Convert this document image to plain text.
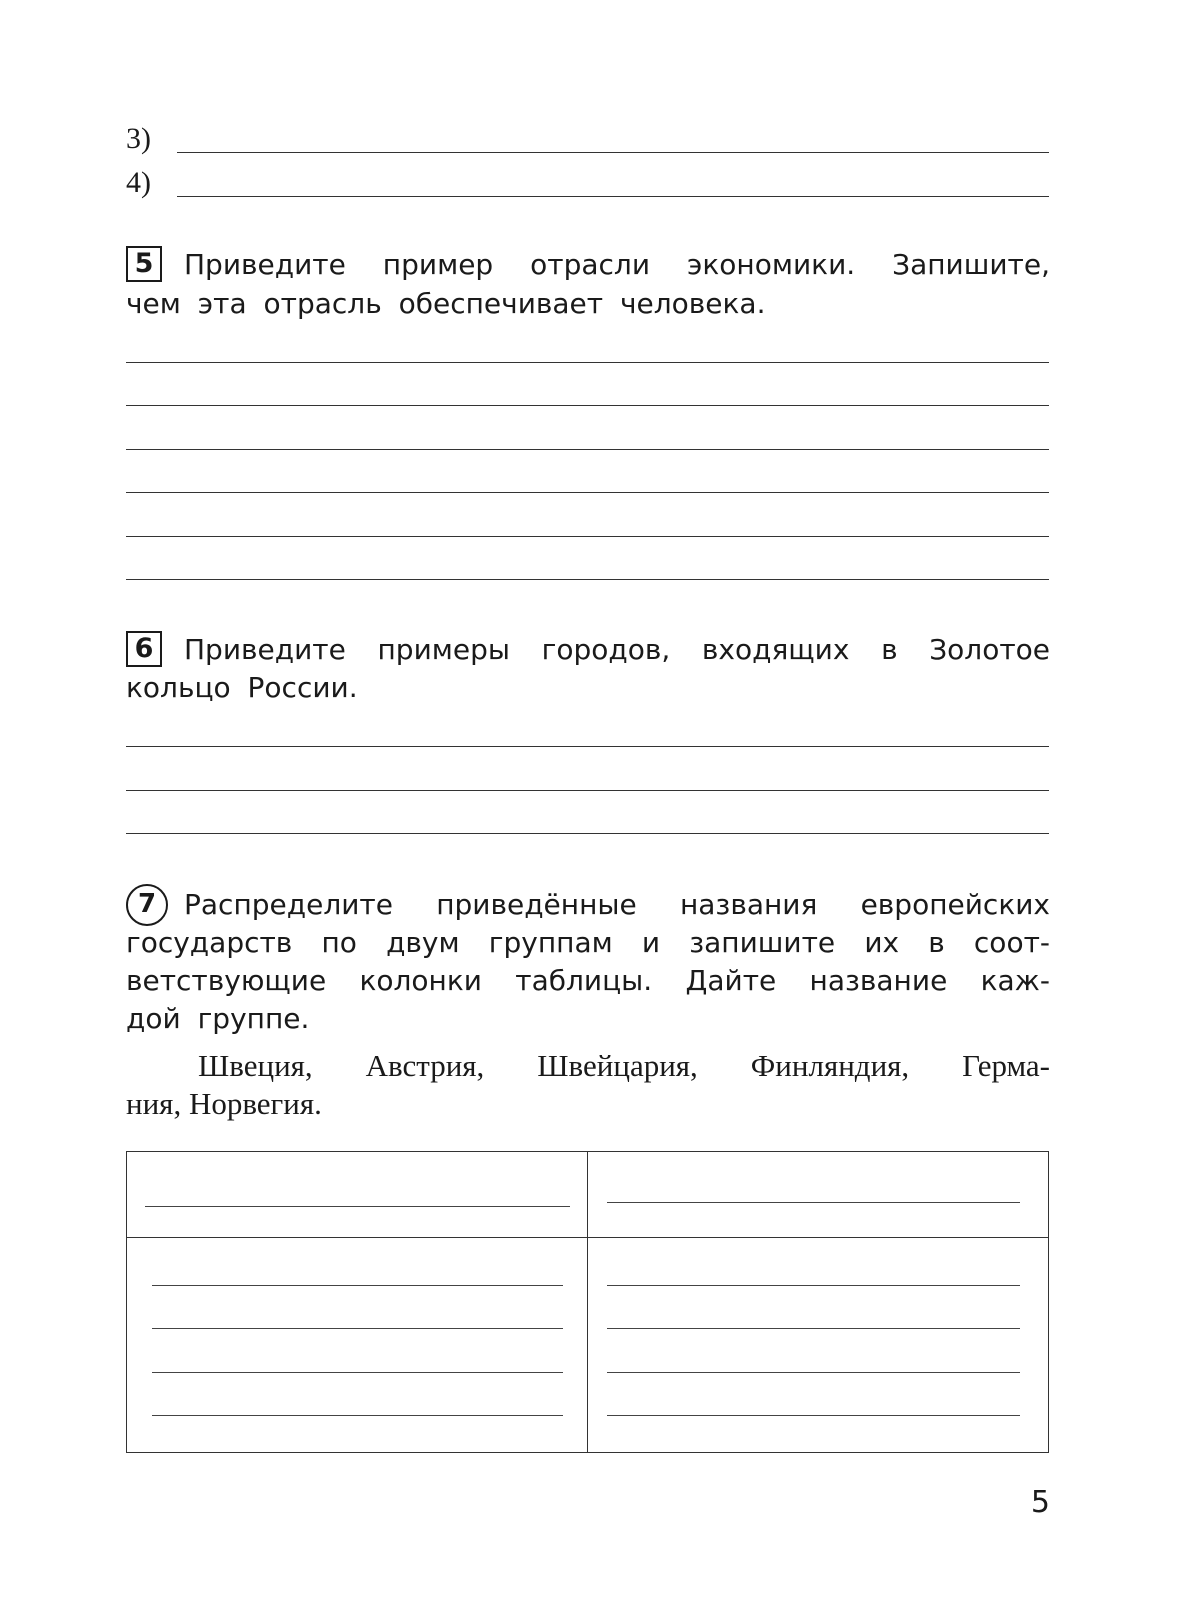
3)
4)
5	Приведите пример отрасли экономики. Запишите,

чем эта отрасль обеспечивает человека.

6	Приведите примеры городов, входящих в Золотое

кольцо России.

7 Распределите приведённые названия европейских

государств по двум группам и запишите их в соот-

ветствующие колонки таблицы. Дайте название каж-

дой группе.

Швеция, Австрия, Швейцария, Финляндия, Герма-
ния, Норвегия.
5
